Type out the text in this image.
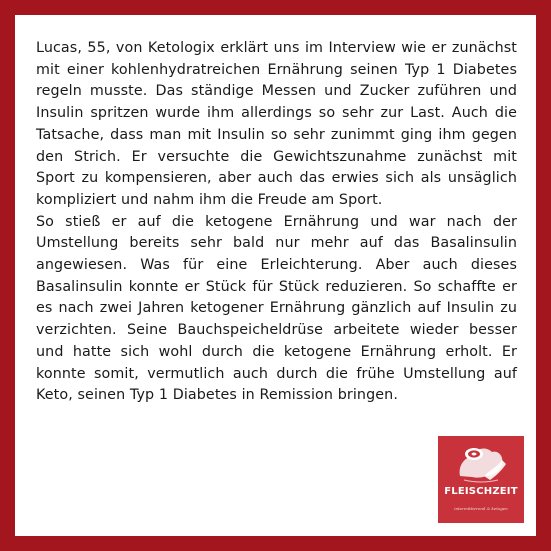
Lucas, 55, von Ketologix erklärt uns im Interview wie er zunächst mit einer kohlenhydratreichen Ernährung seinen Typ 1 Diabetes regeln musste. Das ständige Messen und Zucker zuführen und Insulin spritzen wurde ihm allerdings so sehr zur Last. Auch die Tatsache, dass man mit Insulin so sehr zunimmt ging ihm gegen den Strich. Er versuchte die Gewichtszunahme zunächst mit Sport zu kompensieren, aber auch das erwies sich als unsäglich kompliziert und nahm ihm die Freude am Sport.

So stieß er auf die ketogene Ernährung und war nach der Umstellung bereits sehr bald nur mehr auf das Basalinsulin angewiesen. Was für eine Erleichterung. Aber auch dieses Basalinsulin konnte er Stück für Stück reduzieren. So schaffte er es nach zwei Jahren ketogener Ernährung gänzlich auf Insulin zu verzichten. Seine Bauchspeicheldrüse arbeitete wieder besser und hatte sich wohl durch die ketogene Ernährung erholt. Er konnte somit, vermutlich auch durch die frühe Umstellung auf Keto, seinen Typ 1 Diabetes in Remission bringen.

FLEISCHZEIT
intermittierend & ketogen
